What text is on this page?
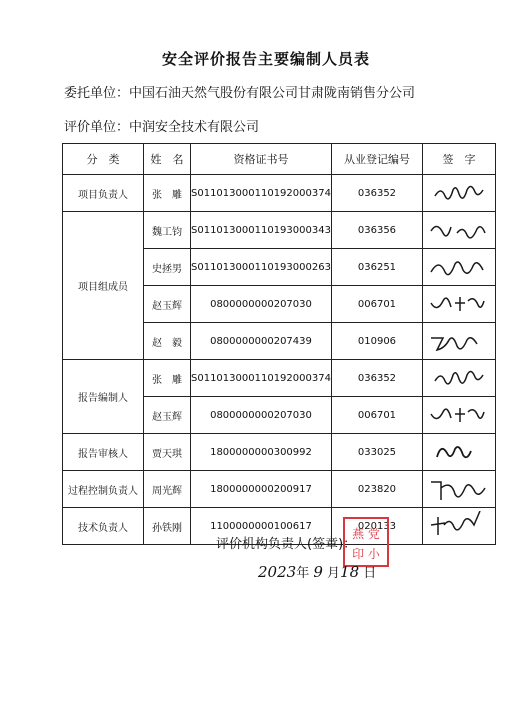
安全评价报告主要编制人员表
委托单位：中国石油天然气股份有限公司甘肃陇南销售分公司
评价单位：中润安全技术有限公司
分　类	姓　名	资格证书号	从业登记编号	签　字
项目负责人	张　雕	S011013000110192000374	036352	

项目组成员	魏工钧	S011013000110193000343	036356	

	史拯男	S011013000110193000263	036251	

	赵玉辉	0800000000207030	006701	

	赵　毅	0800000000207439	010906	

报告编制人	张　雕	S011013000110192000374	036352	

	赵玉辉	0800000000207030	006701	

报告审核人	贾天琪	1800000000300992	033025	

过程控制负责人	周光辉	1800000000200917	023820	

技术负责人	孙铁刚	1100000000100617	020133	
评价机构负责人(签章)：
燕 党
印 小
2023年 9 月18 日
